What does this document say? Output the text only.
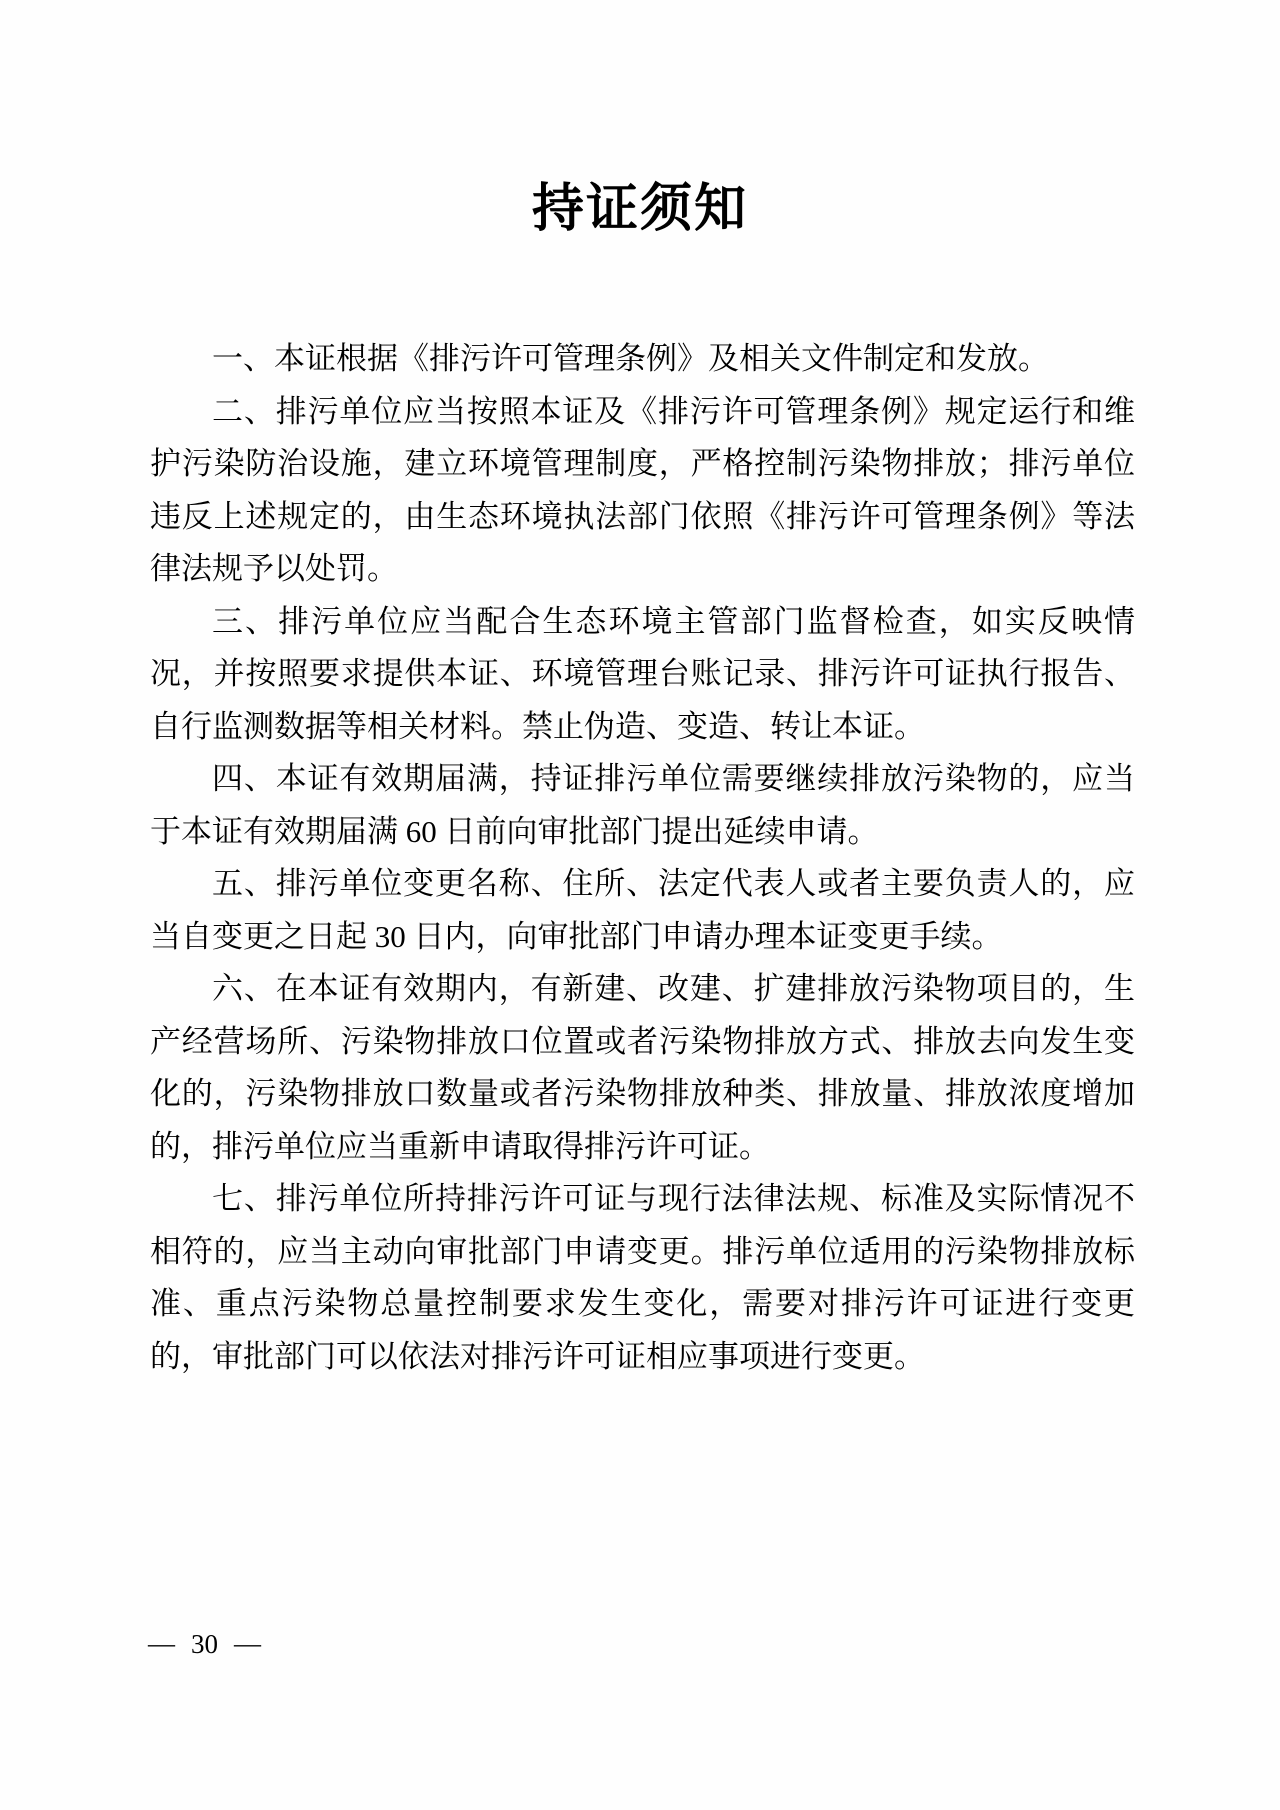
持证须知

一、本证根据《排污许可管理条例》及相关文件制定和发放。

二、排污单位应当按照本证及《排污许可管理条例》规定运行和维护污染防治设施，建立环境管理制度，严格控制污染物排放；排污单位违反上述规定的，由生态环境执法部门依照《排污许可管理条例》等法律法规予以处罚。

三、排污单位应当配合生态环境主管部门监督检查，如实反映情况，并按照要求提供本证、环境管理台账记录、排污许可证执行报告、自行监测数据等相关材料。禁止伪造、变造、转让本证。

四、本证有效期届满，持证排污单位需要继续排放污染物的，应当于本证有效期届满 60 日前向审批部门提出延续申请。

五、排污单位变更名称、住所、法定代表人或者主要负责人的，应当自变更之日起 30 日内，向审批部门申请办理本证变更手续。

六、在本证有效期内，有新建、改建、扩建排放污染物项目的，生产经营场所、污染物排放口位置或者污染物排放方式、排放去向发生变化的，污染物排放口数量或者污染物排放种类、排放量、排放浓度增加的，排污单位应当重新申请取得排污许可证。

七、排污单位所持排污许可证与现行法律法规、标准及实际情况不相符的，应当主动向审批部门申请变更。排污单位适用的污染物排放标准、重点污染物总量控制要求发生变化，需要对排污许可证进行变更的，审批部门可以依法对排污许可证相应事项进行变更。

— 30 —
